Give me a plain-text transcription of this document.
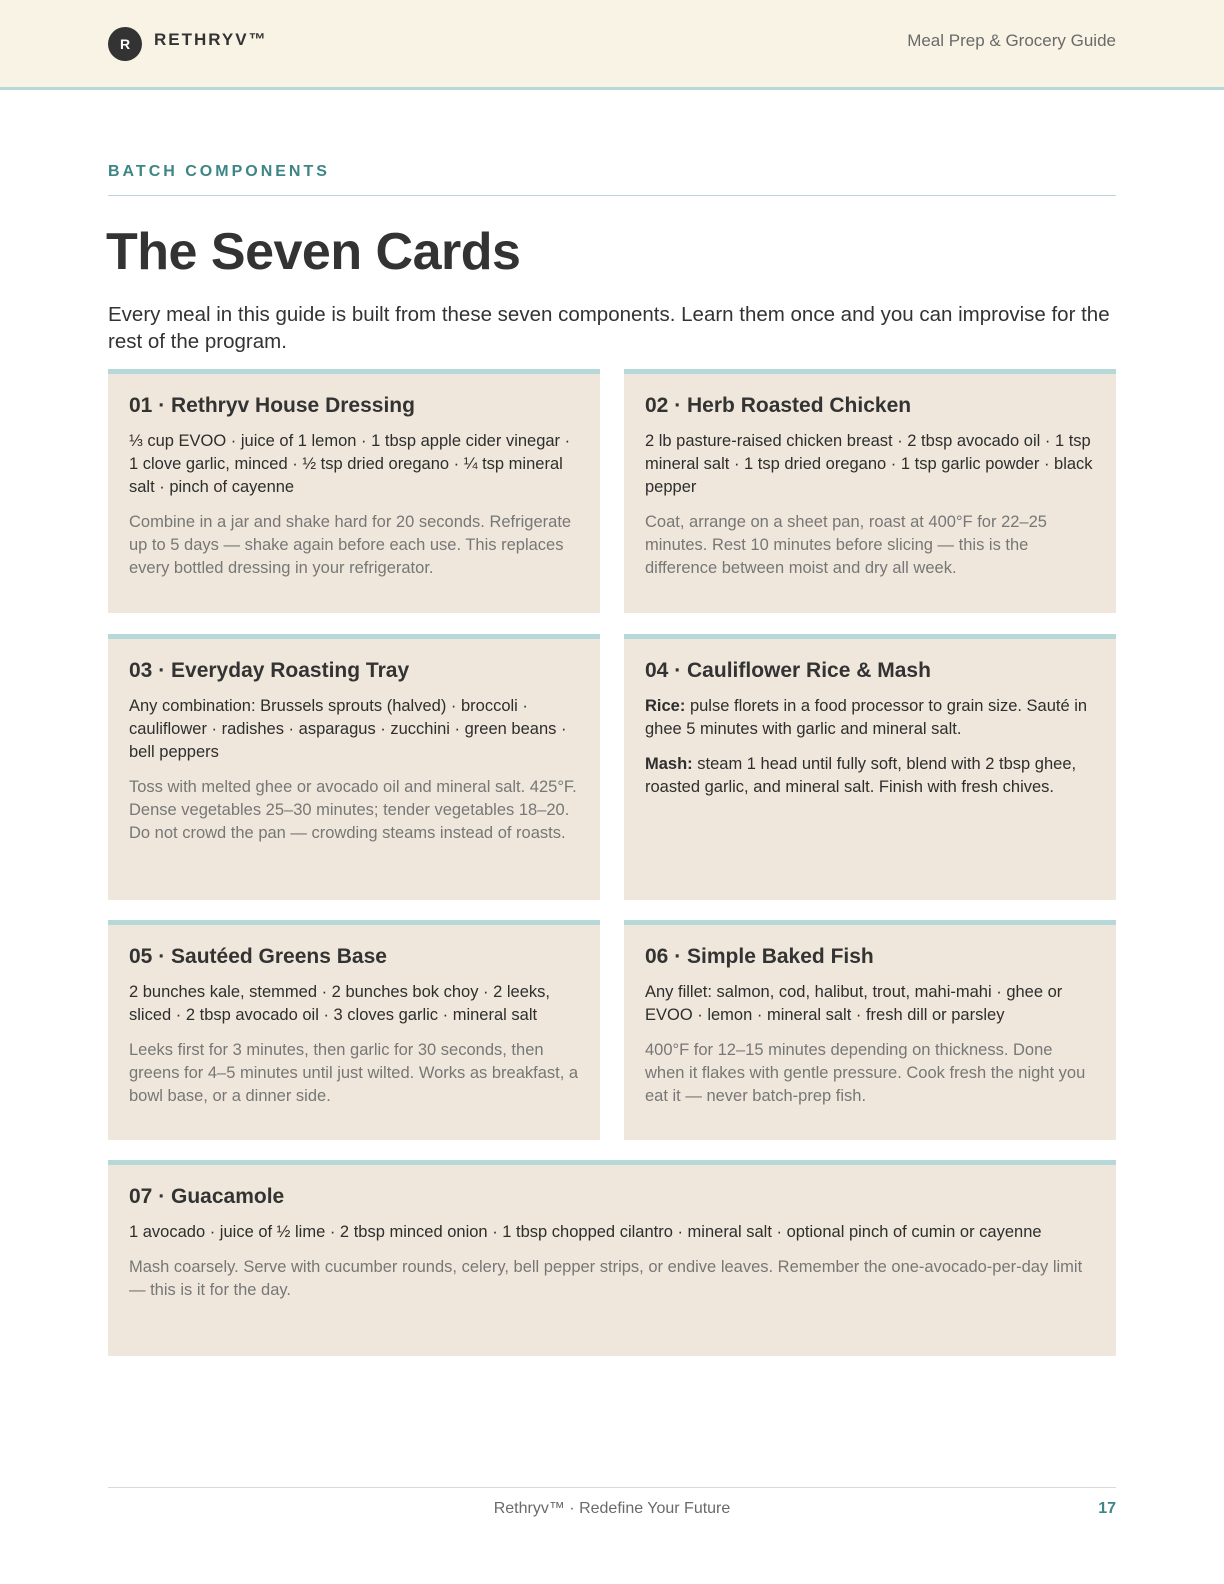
R	RETHRYV™	Meal Prep & Grocery Guide
BATCH COMPONENTS
The Seven Cards

Every meal in this guide is built from these seven components. Learn them once and you can improvise for the rest of the program.

01 · Rethryv House Dressing
⅓ cup EVOO · juice of 1 lemon · 1 tbsp apple cider vinegar · 1 clove garlic, minced · ½ tsp dried oregano · ¼ tsp mineral salt · pinch of cayenne
Combine in a jar and shake hard for 20 seconds. Refrigerate up to 5 days — shake again before each use. This replaces every bottled dressing in your refrigerator.
02 · Herb Roasted Chicken
2 lb pasture-raised chicken breast · 2 tbsp avocado oil · 1 tsp mineral salt · 1 tsp dried oregano · 1 tsp garlic powder · black pepper
Coat, arrange on a sheet pan, roast at 400°F for 22–25 minutes. Rest 10 minutes before slicing — this is the difference between moist and dry all week.
03 · Everyday Roasting Tray
Any combination: Brussels sprouts (halved) · broccoli · cauliflower · radishes · asparagus · zucchini · green beans · bell peppers
Toss with melted ghee or avocado oil and mineral salt. 425°F. Dense vegetables 25–30 minutes; tender vegetables 18–20. Do not crowd the pan — crowding steams instead of roasts.
04 · Cauliflower Rice & Mash
Rice: pulse florets in a food processor to grain size. Sauté in ghee 5 minutes with garlic and mineral salt.
Mash: steam 1 head until fully soft, blend with 2 tbsp ghee, roasted garlic, and mineral salt. Finish with fresh chives.
05 · Sautéed Greens Base
2 bunches kale, stemmed · 2 bunches bok choy · 2 leeks, sliced · 2 tbsp avocado oil · 3 cloves garlic · mineral salt
Leeks first for 3 minutes, then garlic for 30 seconds, then greens for 4–5 minutes until just wilted. Works as breakfast, a bowl base, or a dinner side.
06 · Simple Baked Fish
Any fillet: salmon, cod, halibut, trout, mahi-mahi · ghee or EVOO · lemon · mineral salt · fresh dill or parsley
400°F for 12–15 minutes depending on thickness. Done when it flakes with gentle pressure. Cook fresh the night you eat it — never batch-prep fish.
07 · Guacamole
1 avocado · juice of ½ lime · 2 tbsp minced onion · 1 tbsp chopped cilantro · mineral salt · optional pinch of cumin or cayenne
Mash coarsely. Serve with cucumber rounds, celery, bell pepper strips, or endive leaves. Remember the one-avocado-per-day limit — this is it for the day.
Rethryv™ · Redefine Your Future	17
